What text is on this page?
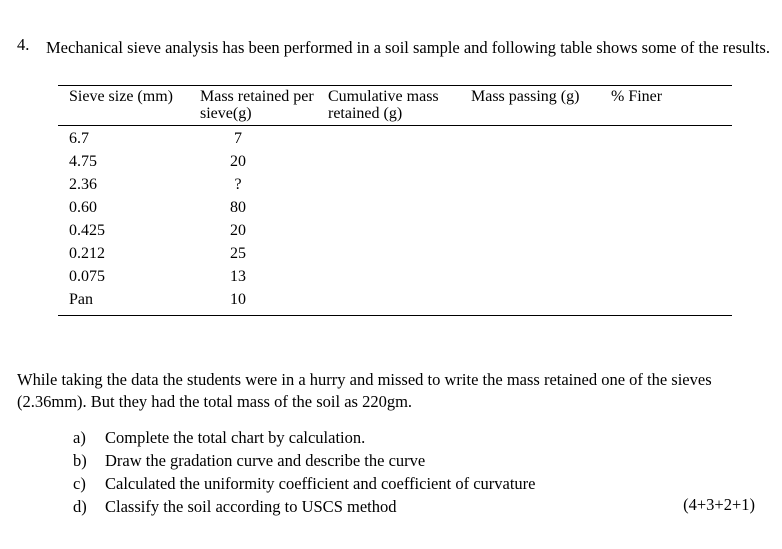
4. Mechanical sieve analysis has been performed in a soil sample and following table shows some of the results.
Sieve size (mm)	Mass retained per sieve(g)	Cumulative mass retained (g)	Mass passing (g)	% Finer
6.7	7			
4.75	20			
2.36	?			
0.60	80			
0.425	20			
0.212	25			
0.075	13			
Pan	10			
While taking the data the students were in a hurry and missed to write the mass retained one of the sieves (2.36mm). But they had the total mass of the soil as 220gm.
a) Complete the total chart by calculation.
b) Draw the gradation curve and describe the curve
c) Calculated the uniformity coefficient and coefficient of curvature
d) Classify the soil according to USCS method	(4+3+2+1)
